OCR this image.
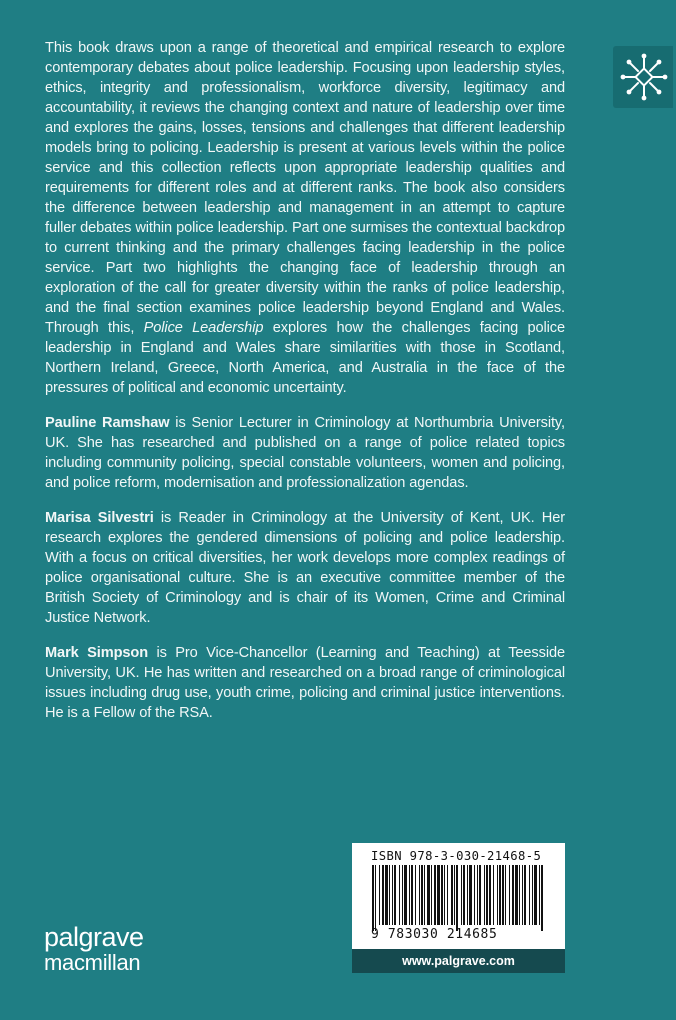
This book draws upon a range of theoretical and empirical research to explore contemporary debates about police leadership. Focusing upon leadership styles, ethics, integrity and professionalism, workforce diversity, legitimacy and accountability, it reviews the changing context and nature of leadership over time and explores the gains, losses, tensions and challenges that different leadership models bring to policing. Leadership is present at various levels within the police service and this collection reflects upon appropriate leadership qualities and requirements for different roles and at different ranks. The book also considers the difference between leadership and management in an attempt to capture fuller debates within police leadership. Part one surmises the contextual backdrop to current thinking and the primary challenges facing leadership in the police service. Part two highlights the changing face of leadership through an exploration of the call for greater diversity within the ranks of police leadership, and the final section examines police leadership beyond England and Wales. Through this, Police Leadership explores how the challenges facing police leadership in England and Wales share similarities with those in Scotland, Northern Ireland, Greece, North America, and Australia in the face of the pressures of political and economic uncertainty.

Pauline Ramshaw is Senior Lecturer in Criminology at Northumbria University, UK. She has researched and published on a range of police related topics including community policing, special constable volunteers, women and policing, and police reform, modernisation and professionalization agendas.

Marisa Silvestri is Reader in Criminology at the University of Kent, UK. Her research explores the gendered dimensions of policing and police leadership. With a focus on critical diversities, her work develops more complex readings of police organisational culture. She is an executive committee member of the British Society of Criminology and is chair of its Women, Crime and Criminal Justice Network.

Mark Simpson is Pro Vice-Chancellor (Learning and Teaching) at Teesside University, UK. He has written and researched on a broad range of criminological issues including drug use, youth crime, policing and criminal justice interventions. He is a Fellow of the RSA.

ISBN 978-3-030-21468-5
9 783030 214685
www.palgrave.com
palgrave
macmillan
